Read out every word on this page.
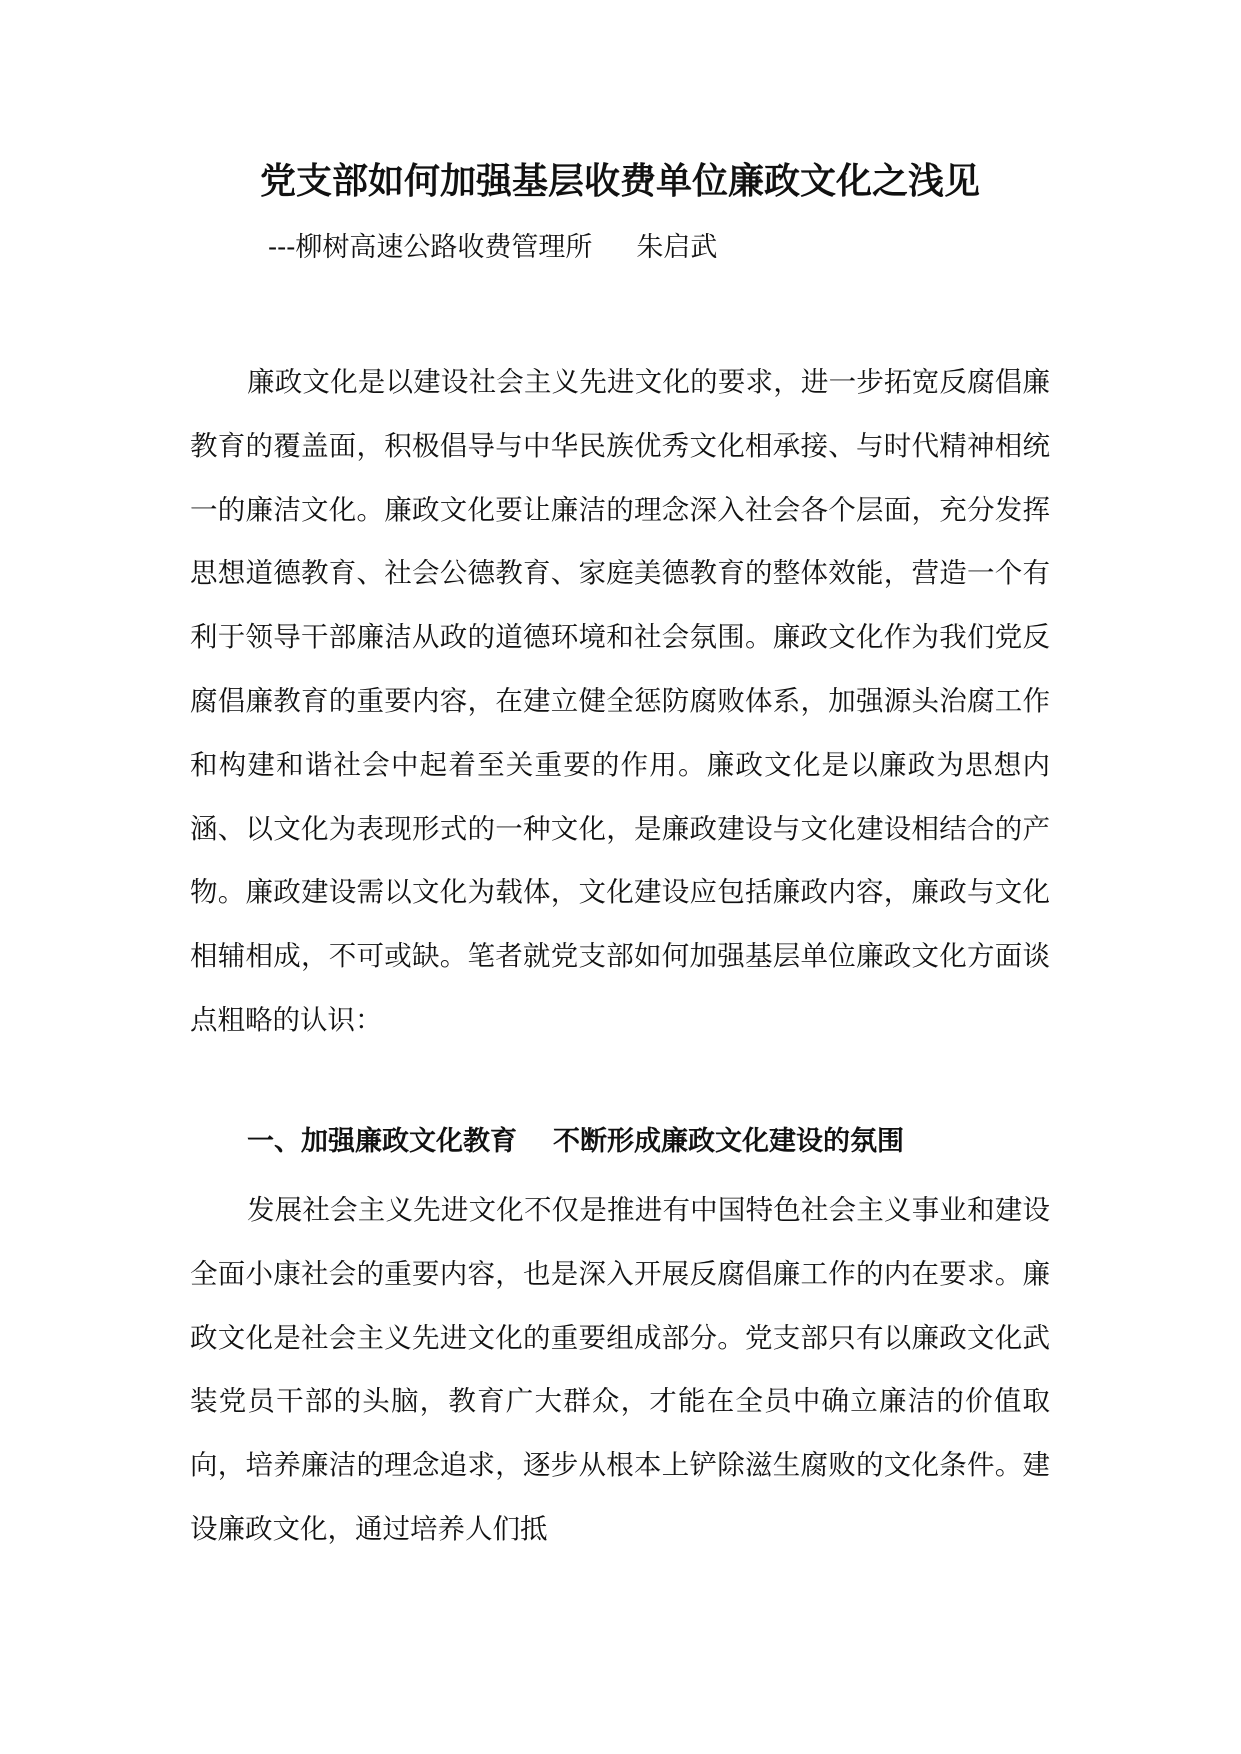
党支部如何加强基层收费单位廉政文化之浅见

---柳树高速公路收费管理所 朱启武

廉政文化是以建设社会主义先进文化的要求，进一步拓宽反腐倡廉教育的覆盖面，积极倡导与中华民族优秀文化相承接、与时代精神相统一的廉洁文化。廉政文化要让廉洁的理念深入社会各个层面，充分发挥思想道德教育、社会公德教育、家庭美德教育的整体效能，营造一个有利于领导干部廉洁从政的道德环境和社会氛围。廉政文化作为我们党反腐倡廉教育的重要内容，在建立健全惩防腐败体系，加强源头治腐工作和构建和谐社会中起着至关重要的作用。廉政文化是以廉政为思想内涵、以文化为表现形式的一种文化，是廉政建设与文化建设相结合的产物。廉政建设需以文化为载体，文化建设应包括廉政内容，廉政与文化相辅相成，不可或缺。笔者就党支部如何加强基层单位廉政文化方面谈点粗略的认识：

一、加强廉政文化教育 不断形成廉政文化建设的氛围

发展社会主义先进文化不仅是推进有中国特色社会主义事业和建设全面小康社会的重要内容，也是深入开展反腐倡廉工作的内在要求。廉政文化是社会主义先进文化的重要组成部分。党支部只有以廉政文化武装党员干部的头脑，教育广大群众，才能在全员中确立廉洁的价值取向，培养廉洁的理念追求，逐步从根本上铲除滋生腐败的文化条件。建设廉政文化，通过培养人们抵
